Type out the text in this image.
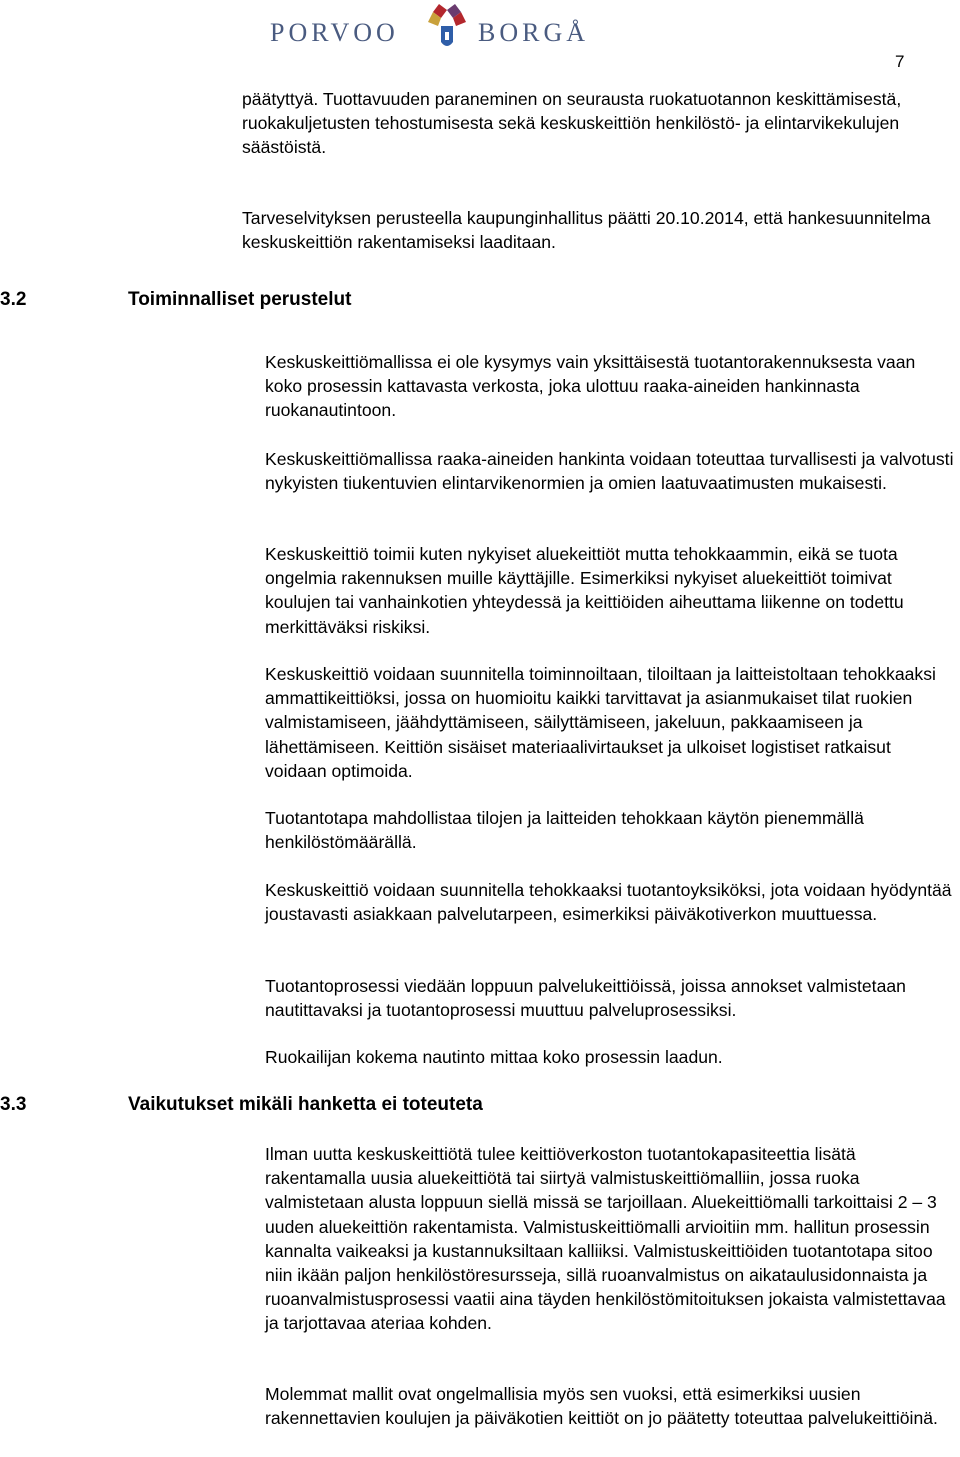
PORVOO	BORGÅ
7

päätyttyä. Tuottavuuden paraneminen on seurausta ruokatuotannon keskittämisestä, ruokakuljetusten tehostumisesta sekä keskuskeittiön henkilöstö- ja elintarvikekulujen säästöistä.

Tarveselvityksen perusteella kaupunginhallitus päätti 20.10.2014, että hankesuunnitelma keskuskeittiön rakentamiseksi laaditaan.

3.2	Toiminnalliset perustelut

Keskuskeittiömallissa ei ole kysymys vain yksittäisestä tuotantorakennuksesta vaan koko prosessin kattavasta verkosta, joka ulottuu raaka-aineiden hankinnasta ruokanautintoon.

Keskuskeittiömallissa raaka-aineiden hankinta voidaan toteuttaa turvallisesti ja valvotusti nykyisten tiukentuvien elintarvikenormien ja omien laatuvaatimusten mukaisesti.

Keskuskeittiö toimii kuten nykyiset aluekeittiöt mutta tehokkaammin, eikä se tuota ongelmia rakennuksen muille käyttäjille. Esimerkiksi nykyiset aluekeittiöt toimivat koulujen tai vanhainkotien yhteydessä ja keittiöiden aiheuttama liikenne on todettu merkittäväksi riskiksi.

Keskuskeittiö voidaan suunnitella toiminnoiltaan, tiloiltaan ja laitteistoltaan tehokkaaksi ammattikeittiöksi, jossa on huomioitu kaikki tarvittavat ja asianmukaiset tilat ruokien valmistamiseen, jäähdyttämiseen, säilyttämiseen, jakeluun, pakkaamiseen ja lähettämiseen. Keittiön sisäiset materiaalivirtaukset ja ulkoiset logistiset ratkaisut voidaan optimoida.

Tuotantotapa mahdollistaa tilojen ja laitteiden tehokkaan käytön pienemmällä henkilöstömäärällä.

Keskuskeittiö voidaan suunnitella tehokkaaksi tuotantoyksiköksi, jota voidaan hyödyntää joustavasti asiakkaan palvelutarpeen, esimerkiksi päiväkotiverkon muuttuessa.

Tuotantoprosessi viedään loppuun palvelukeittiöissä, joissa annokset valmistetaan nautittavaksi ja tuotantoprosessi muuttuu palveluprosessiksi.

Ruokailijan kokema nautinto mittaa koko prosessin laadun.

3.3	Vaikutukset mikäli hanketta ei toteuteta

Ilman uutta keskuskeittiötä tulee keittiöverkoston tuotantokapasiteettia lisätä rakentamalla uusia aluekeittiötä tai siirtyä valmistuskeittiömalliin, jossa ruoka valmistetaan alusta loppuun siellä missä se tarjoillaan. Aluekeittiömalli tarkoittaisi 2 – 3 uuden aluekeittiön rakentamista. Valmistuskeittiömalli arvioitiin mm. hallitun prosessin kannalta vaikeaksi ja kustannuksiltaan kalliiksi. Valmistuskeittiöiden tuotantotapa sitoo niin ikään paljon henkilöstöresursseja, sillä ruoanvalmistus on aikataulusidonnaista ja ruoanvalmistusprosessi vaatii aina täyden henkilöstömitoituksen jokaista valmistettavaa ja tarjottavaa ateriaa kohden.

Molemmat mallit ovat ongelmallisia myös sen vuoksi, että esimerkiksi uusien rakennettavien koulujen ja päiväkotien keittiöt on jo päätetty toteuttaa palvelukeittiöinä.
